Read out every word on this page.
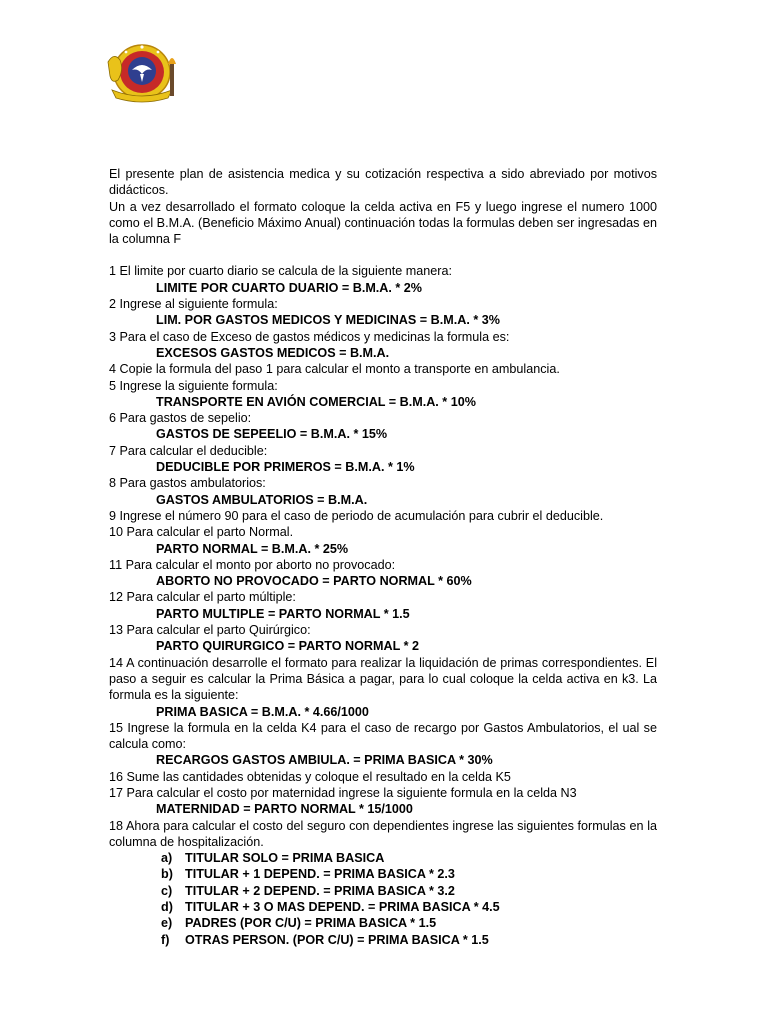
El presente plan de asistencia medica y su cotización respectiva a sido abreviado por motivos didácticos.

Un a vez desarrollado el formato coloque la celda activa en F5 y luego ingrese el numero 1000 como el B.M.A. (Beneficio Máximo Anual) continuación todas la formulas deben ser ingresadas en la columna F

1 El limite por cuarto diario se calcula de la siguiente manera:

LIMITE POR CUARTO DUARIO = B.M.A. * 2%

2 Ingrese al siguiente formula:

LIM. POR GASTOS MEDICOS Y MEDICINAS = B.M.A. * 3%

3 Para el caso de Exceso de gastos médicos y medicinas la formula es:

EXCESOS GASTOS MEDICOS = B.M.A.

4 Copie la formula del paso 1 para calcular el monto a transporte en ambulancia.

5 Ingrese la siguiente formula:

TRANSPORTE EN AVIÓN COMERCIAL = B.M.A. * 10%

6 Para gastos de sepelio:

GASTOS DE SEPEELIO = B.M.A. * 15%

7 Para calcular el deducible:

DEDUCIBLE POR PRIMEROS = B.M.A. * 1%

8 Para gastos ambulatorios:

GASTOS AMBULATORIOS = B.M.A.

9 Ingrese el número 90 para el caso de periodo de acumulación para cubrir el deducible.

10 Para calcular el parto Normal.

PARTO NORMAL = B.M.A. * 25%

11 Para calcular el monto por aborto no provocado:

ABORTO NO PROVOCADO = PARTO NORMAL * 60%

12 Para calcular el parto múltiple:

PARTO MULTIPLE = PARTO NORMAL * 1.5

13 Para calcular el parto Quirúrgico:

PARTO QUIRURGICO = PARTO NORMAL * 2

14 A continuación desarrolle el formato para realizar la liquidación de primas correspondientes. El paso a seguir es calcular la Prima Básica a pagar, para lo cual coloque la celda activa en k3. La formula es la siguiente:

PRIMA BASICA = B.M.A. * 4.66/1000

15 Ingrese la formula en la celda K4 para el caso de recargo por Gastos Ambulatorios, el ual se calcula como:

RECARGOS GASTOS AMBIULA. = PRIMA BASICA * 30%

16 Sume las cantidades obtenidas y coloque el resultado en la celda K5

17 Para calcular el costo por maternidad ingrese la siguiente formula en la celda N3

MATERNIDAD = PARTO NORMAL * 15/1000

18 Ahora para calcular el costo del seguro con dependientes ingrese las siguientes formulas en la columna de hospitalización.

a) TITULAR SOLO = PRIMA BASICA
b) TITULAR + 1 DEPEND. = PRIMA BASICA * 2.3
c) TITULAR + 2 DEPEND. = PRIMA BASICA * 3.2
d) TITULAR + 3 O MAS DEPEND. = PRIMA BASICA * 4.5
e) PADRES (POR C/U) = PRIMA BASICA * 1.5
f) OTRAS PERSON. (POR C/U) = PRIMA BASICA * 1.5
